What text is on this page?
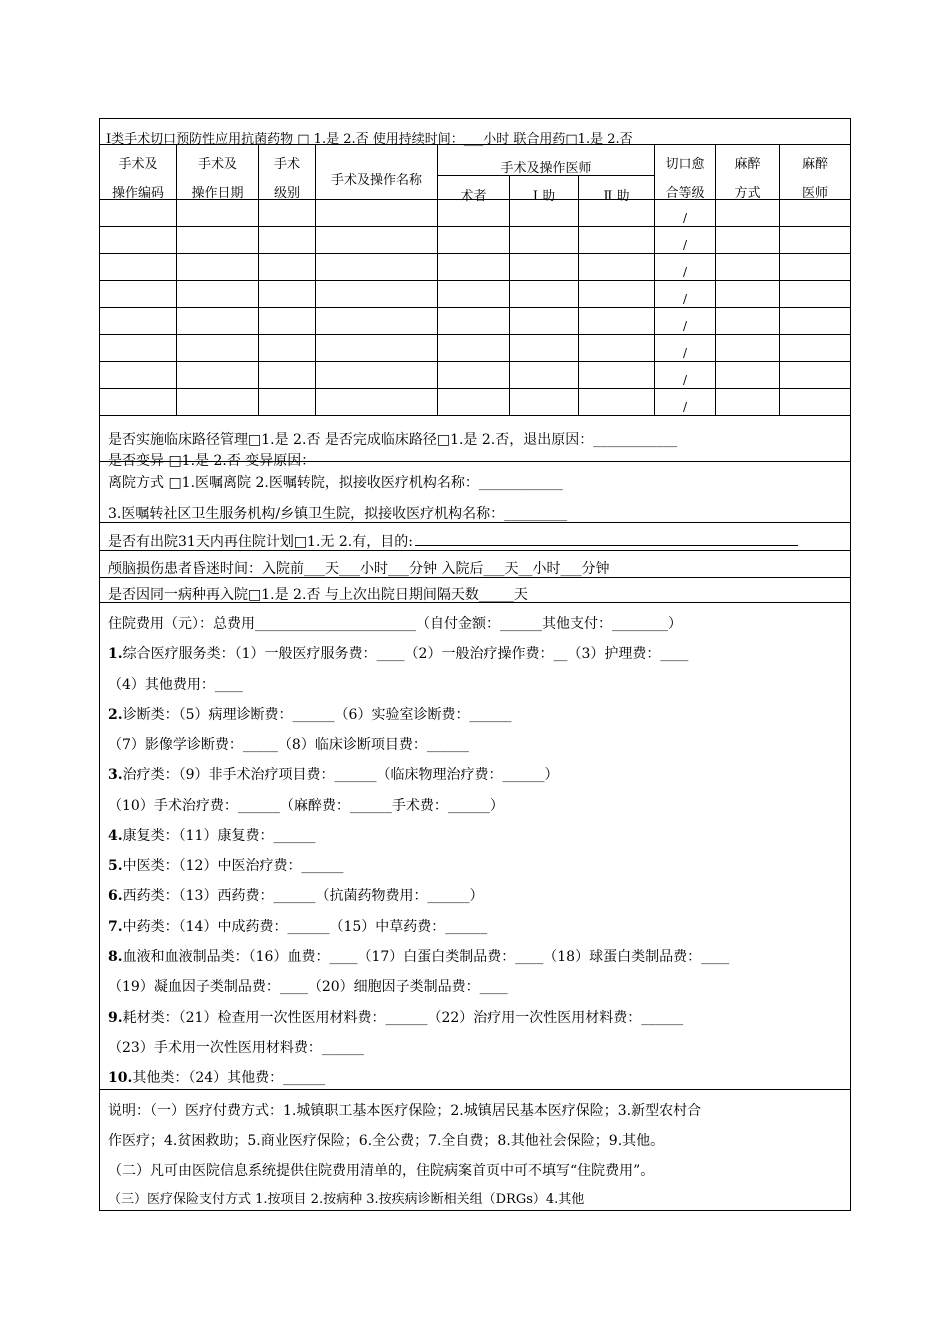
Ⅰ类手术切口预防性应用抗菌药物 □ 1.是 2.否 使用持续时间：___小时 联合用药□1.是 2.否
手术及
操作编码
手术及
操作日期
手术
级别
手术及操作名称
手术及操作医师
术者	Ⅰ 助	Ⅱ 助
切口愈
合等级
麻醉
方式
麻醉
医师
/
/
/
/
/
/
/
/
是否实施临床路径管理□1.是 2.否 是否完成临床路径□1.是 2.否，退出原因：____________
是否变异 □1.是 2.否 变异原因：
离院方式 □1.医嘱离院 2.医嘱转院，拟接收医疗机构名称：____________
3.医嘱转社区卫生服务机构/乡镇卫生院，拟接收医疗机构名称：_________
是否有出院31天内再住院计划□1.无 2.有，目的:
颅脑损伤患者昏迷时间：入院前___天___小时___分钟 入院后___天__小时___分钟
是否因同一病种再入院□1.是 2.否 与上次出院日期间隔天数_____天
住院费用（元）：总费用_______________________（自付金额：______其他支付：________）
1.综合医疗服务类：（1）一般医疗服务费：____（2）一般治疗操作费：__（3）护理费：____
（4）其他费用：____
2.诊断类：（5）病理诊断费：______（6）实验室诊断费：______
（7）影像学诊断费：_____（8）临床诊断项目费：______
3.治疗类：（9）非手术治疗项目费：______（临床物理治疗费：______）
（10）手术治疗费：______（麻醉费：______手术费：______）
4.康复类：（11）康复费：______
5.中医类：（12）中医治疗费：______
6.西药类：（13）西药费：______（抗菌药物费用：______）
7.中药类：（14）中成药费：______（15）中草药费：______
8.血液和血液制品类：（16）血费：____（17）白蛋白类制品费：____（18）球蛋白类制品费：____
（19）凝血因子类制品费：____（20）细胞因子类制品费：____
9.耗材类：（21）检查用一次性医用材料费：______（22）治疗用一次性医用材料费：______
（23）手术用一次性医用材料费：______
10.其他类：（24）其他费：______
说明：（一）医疗付费方式：1.城镇职工基本医疗保险；2.城镇居民基本医疗保险；3.新型农村合
作医疗；4.贫困救助；5.商业医疗保险；6.全公费；7.全自费；8.其他社会保险；9.其他。
（二）凡可由医院信息系统提供住院费用清单的，住院病案首页中可不填写“住院费用”。
（三）医疗保险支付方式 1.按项目 2.按病种 3.按疾病诊断相关组（DRGs）4.其他
